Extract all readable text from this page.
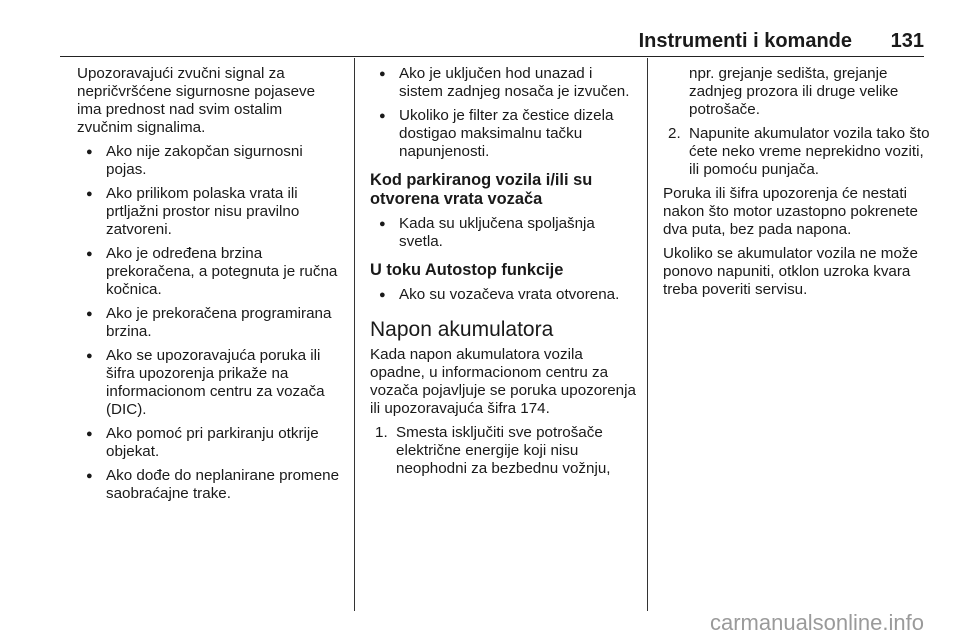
Instrumenti i komande 131

Upozoravajući zvučni signal za nepričvršćene sigurnosne pojaseve ima prednost nad svim ostalim zvučnim signalima.

● Ako nije zakopčan sigurnosni pojas.
● Ako prilikom polaska vrata ili prtljažni prostor nisu pravilno zatvoreni.
● Ako je određena brzina prekoračena, a potegnuta je ručna kočnica.
● Ako je prekoračena programirana brzina.
● Ako se upozoravajuća poruka ili šifra upozorenja prikaže na informacionom centru za vozača (DIC).
● Ako pomoć pri parkiranju otkrije objekat.
● Ako dođe do neplanirane promene saobraćajne trake.
● Ako je uključen hod unazad i sistem zadnjeg nosača je izvučen.
● Ukoliko je filter za čestice dizela dostigao maksimalnu tačku napunjenosti.
Kod parkiranog vozila i/ili su otvorena vrata vozača
● Kada su uključena spoljašnja svetla.
U toku Autostop funkcije
● Ako su vozačeva vrata otvorena.
Napon akumulatora

Kada napon akumulatora vozila opadne, u informacionom centru za vozača pojavljuje se poruka upozorenja ili upozoravajuća šifra 174.

1. Smesta isključiti sve potrošače električne energije koji nisu neophodni za bezbednu vožnju,
npr. grejanje sedišta, grejanje zadnjeg prozora ili druge velike potrošače.
2. Napunite akumulator vozila tako što ćete neko vreme neprekidno voziti, ili pomoću punjača.

Poruka ili šifra upozorenja će nestati nakon što motor uzastopno pokrenete dva puta, bez pada napona.

Ukoliko se akumulator vozila ne može ponovo napuniti, otklon uzroka kvara treba poveriti servisu.

carmanualsonline.info
